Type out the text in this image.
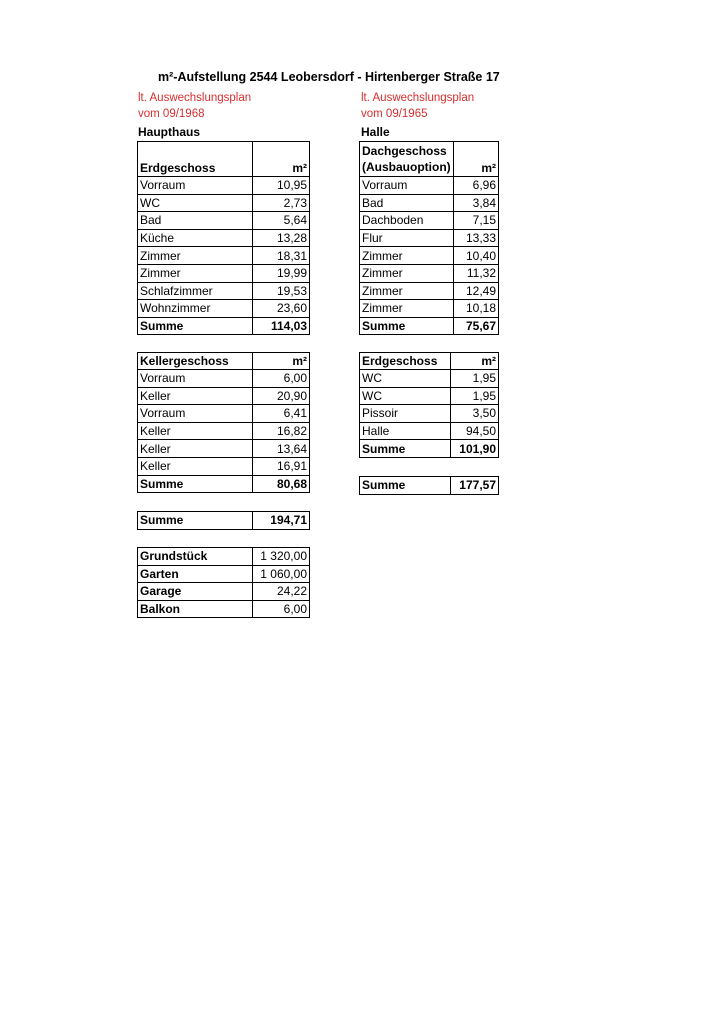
m²-Aufstellung 2544 Leobersdorf - Hirtenberger Straße 17
lt. Auswechslungsplan
vom 09/1968
Haupthaus
lt. Auswechslungsplan
vom 09/1965
Halle
Erdgeschoss	m²
Vorraum	10,95
WC	2,73
Bad	5,64
Küche	13,28
Zimmer	18,31
Zimmer	19,99
Schlafzimmer	19,53
Wohnzimmer	23,60
Summe	114,03
Dachgeschoss
(Ausbauoption)	m²
Vorraum	6,96
Bad	3,84
Dachboden	7,15
Flur	13,33
Zimmer	10,40
Zimmer	11,32
Zimmer	12,49
Zimmer	10,18
Summe	75,67
Kellergeschoss	m²
Vorraum	6,00
Keller	20,90
Vorraum	6,41
Keller	16,82
Keller	13,64
Keller	16,91
Summe	80,68
Erdgeschoss	m²
WC	1,95
WC	1,95
Pissoir	3,50
Halle	94,50
Summe	101,90
Summe	177,57
Summe	194,71
Grundstück	1 320,00
Garten	1 060,00
Garage	24,22
Balkon	6,00
